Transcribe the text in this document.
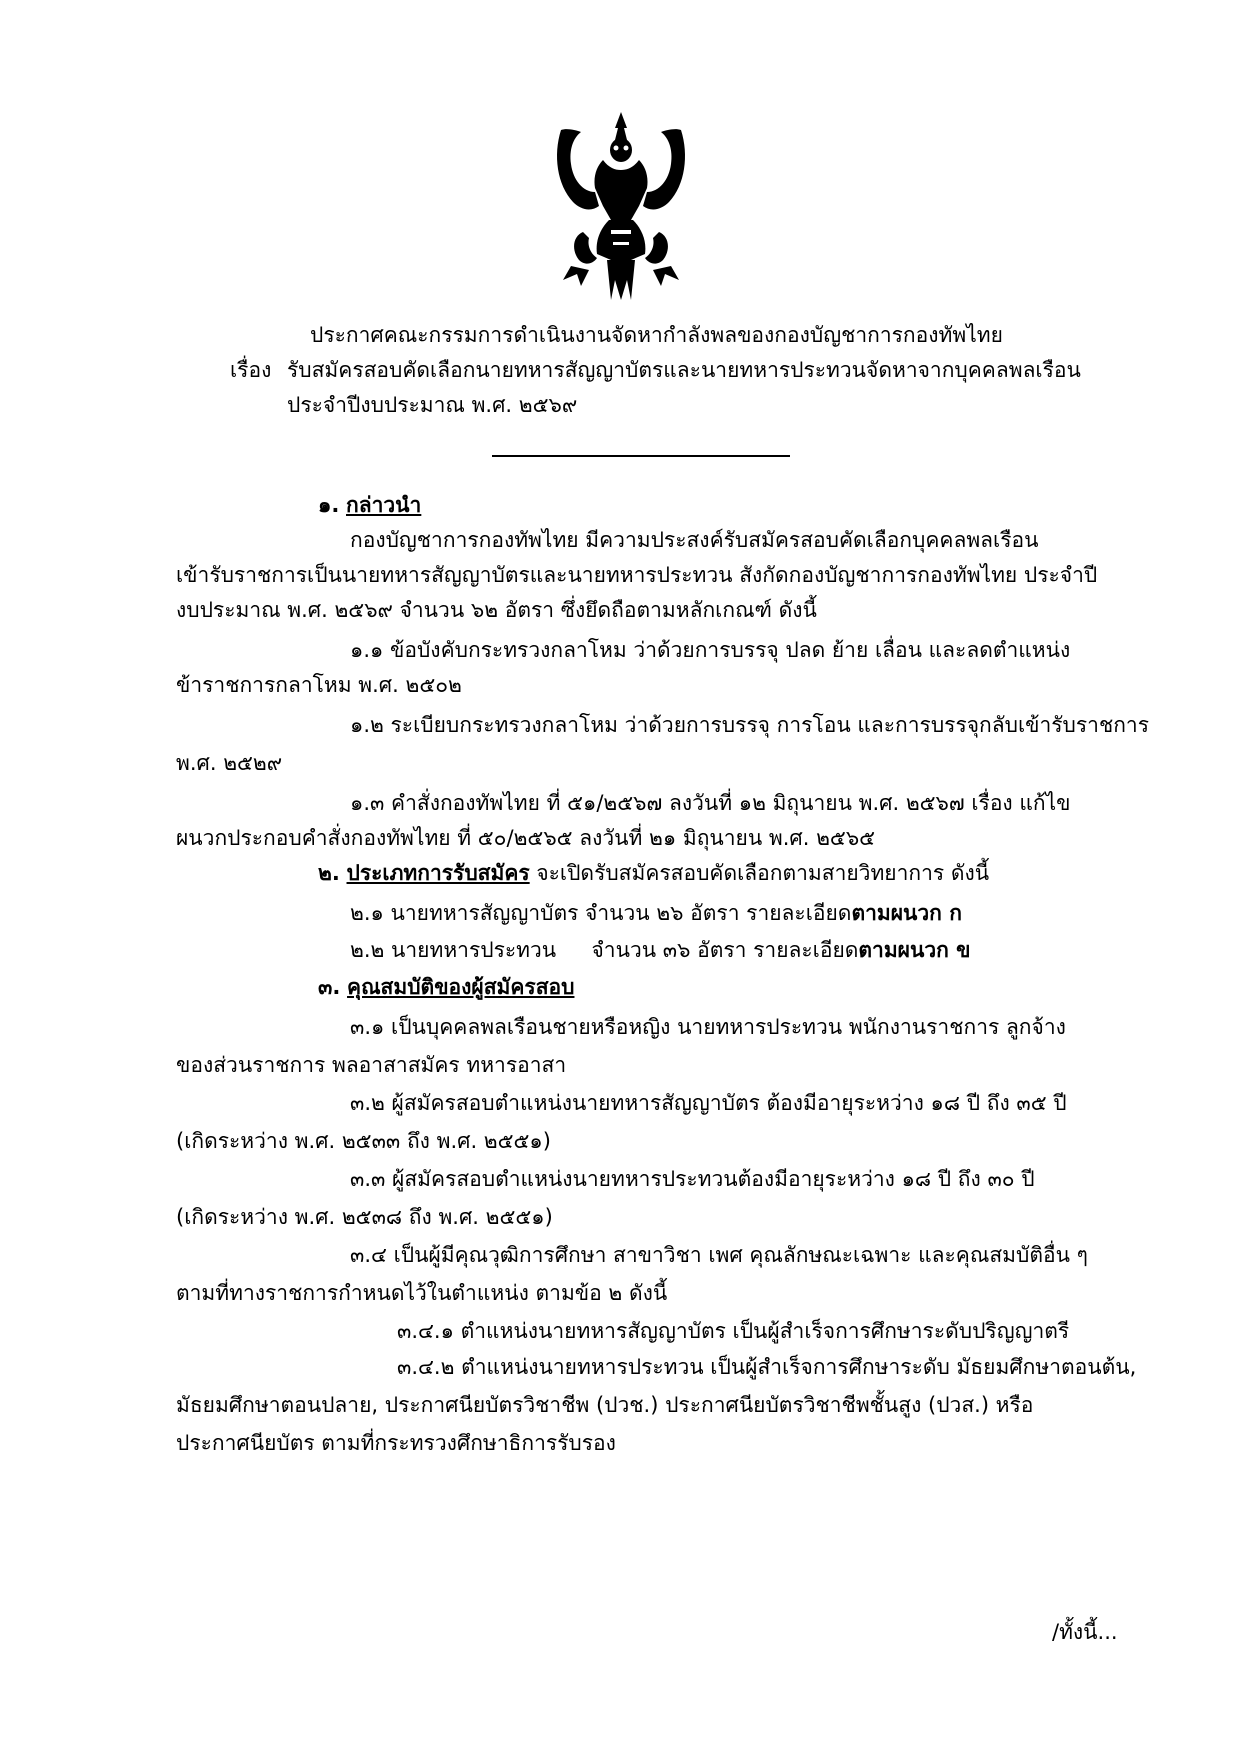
ประกาศคณะกรรมการดำเนินงานจัดหากำลังพลของกองบัญชาการกองทัพไทย
เรื่อง รับสมัครสอบคัดเลือกนายทหารสัญญาบัตรและนายทหารประทวนจัดหาจากบุคคลพลเรือน
ประจำปีงบประมาณ พ.ศ. ๒๕๖๙
๑. กล่าวนำ
กองบัญชาการกองทัพไทย มีความประสงค์รับสมัครสอบคัดเลือกบุคคลพลเรือน
เข้ารับราชการเป็นนายทหารสัญญาบัตรและนายทหารประทวน สังกัดกองบัญชาการกองทัพไทย ประจำปี
งบประมาณ พ.ศ. ๒๕๖๙ จำนวน ๖๒ อัตรา ซึ่งยึดถือตามหลักเกณฑ์ ดังนี้
๑.๑ ข้อบังคับกระทรวงกลาโหม ว่าด้วยการบรรจุ ปลด ย้าย เลื่อน และลดตำแหน่ง
ข้าราชการกลาโหม พ.ศ. ๒๕๐๒
๑.๒ ระเบียบกระทรวงกลาโหม ว่าด้วยการบรรจุ การโอน และการบรรจุกลับเข้ารับราชการ
พ.ศ. ๒๕๒๙
๑.๓ คำสั่งกองทัพไทย ที่ ๕๑/๒๕๖๗ ลงวันที่ ๑๒ มิถุนายน พ.ศ. ๒๕๖๗ เรื่อง แก้ไข
ผนวกประกอบคำสั่งกองทัพไทย ที่ ๕๐/๒๕๖๕ ลงวันที่ ๒๑ มิถุนายน พ.ศ. ๒๕๖๕
๒. ประเภทการรับสมัคร จะเปิดรับสมัครสอบคัดเลือกตามสายวิทยาการ ดังนี้
๒.๑ นายทหารสัญญาบัตร จำนวน ๒๖ อัตรา รายละเอียดตามผนวก ก
๒.๒ นายทหารประทวน จำนวน ๓๖ อัตรา รายละเอียดตามผนวก ข
๓. คุณสมบัติของผู้สมัครสอบ
๓.๑ เป็นบุคคลพลเรือนชายหรือหญิง นายทหารประทวน พนักงานราชการ ลูกจ้าง
ของส่วนราชการ พลอาสาสมัคร ทหารอาสา
๓.๒ ผู้สมัครสอบตำแหน่งนายทหารสัญญาบัตร ต้องมีอายุระหว่าง ๑๘ ปี ถึง ๓๕ ปี
(เกิดระหว่าง พ.ศ. ๒๕๓๓ ถึง พ.ศ. ๒๕๕๑)
๓.๓ ผู้สมัครสอบตำแหน่งนายทหารประทวนต้องมีอายุระหว่าง ๑๘ ปี ถึง ๓๐ ปี
(เกิดระหว่าง พ.ศ. ๒๕๓๘ ถึง พ.ศ. ๒๕๕๑)
๓.๔ เป็นผู้มีคุณวุฒิการศึกษา สาขาวิชา เพศ คุณลักษณะเฉพาะ และคุณสมบัติอื่น ๆ
ตามที่ทางราชการกำหนดไว้ในตำแหน่ง ตามข้อ ๒ ดังนี้
๓.๔.๑ ตำแหน่งนายทหารสัญญาบัตร เป็นผู้สำเร็จการศึกษาระดับปริญญาตรี
๓.๔.๒ ตำแหน่งนายทหารประทวน เป็นผู้สำเร็จการศึกษาระดับ มัธยมศึกษาตอนต้น,
มัธยมศึกษาตอนปลาย, ประกาศนียบัตรวิชาชีพ (ปวช.) ประกาศนียบัตรวิชาชีพชั้นสูง (ปวส.) หรือ
ประกาศนียบัตร ตามที่กระทรวงศึกษาธิการรับรอง
/ทั้งนี้...
